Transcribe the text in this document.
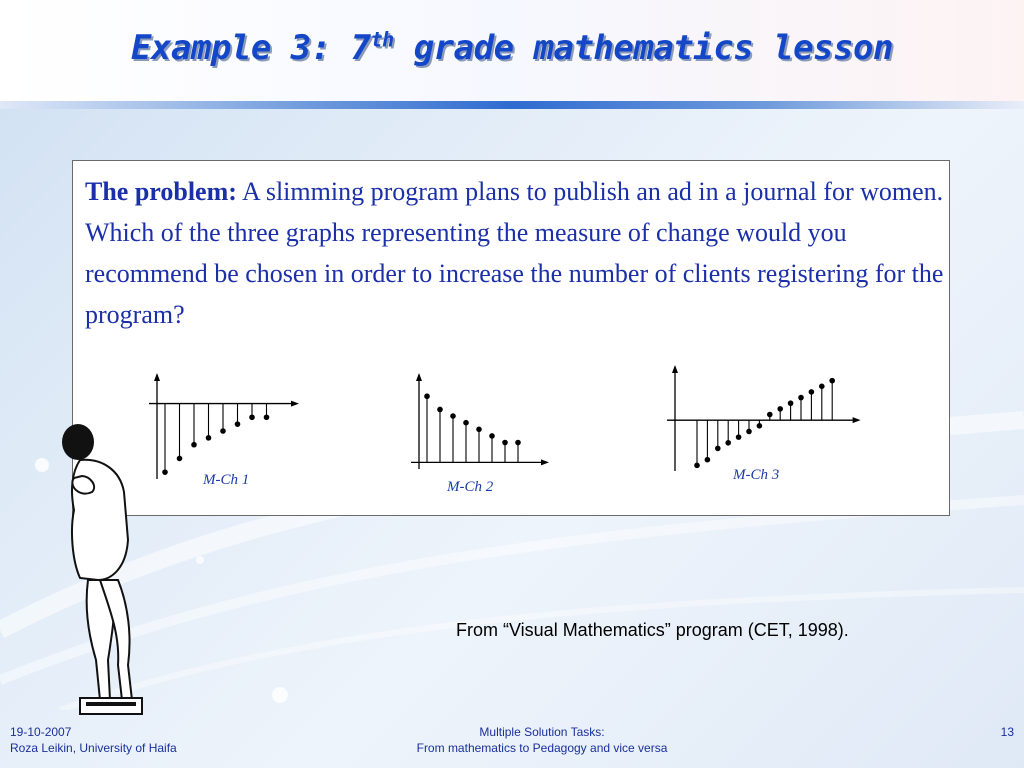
Example 3: 7th grade mathematics lesson
The problem: A slimming program plans to publish an ad in a journal for women. Which of the three graphs representing the measure of change would you recommend be chosen in order to increase the number of clients registering for the program?
M-Ch 1	M-Ch 2
M-Ch 3
From “Visual Mathematics” program (CET, 1998).
19-10-2007
Roza Leikin, University of Haifa
Multiple Solution Tasks:
From mathematics to Pedagogy and vice versa
13
